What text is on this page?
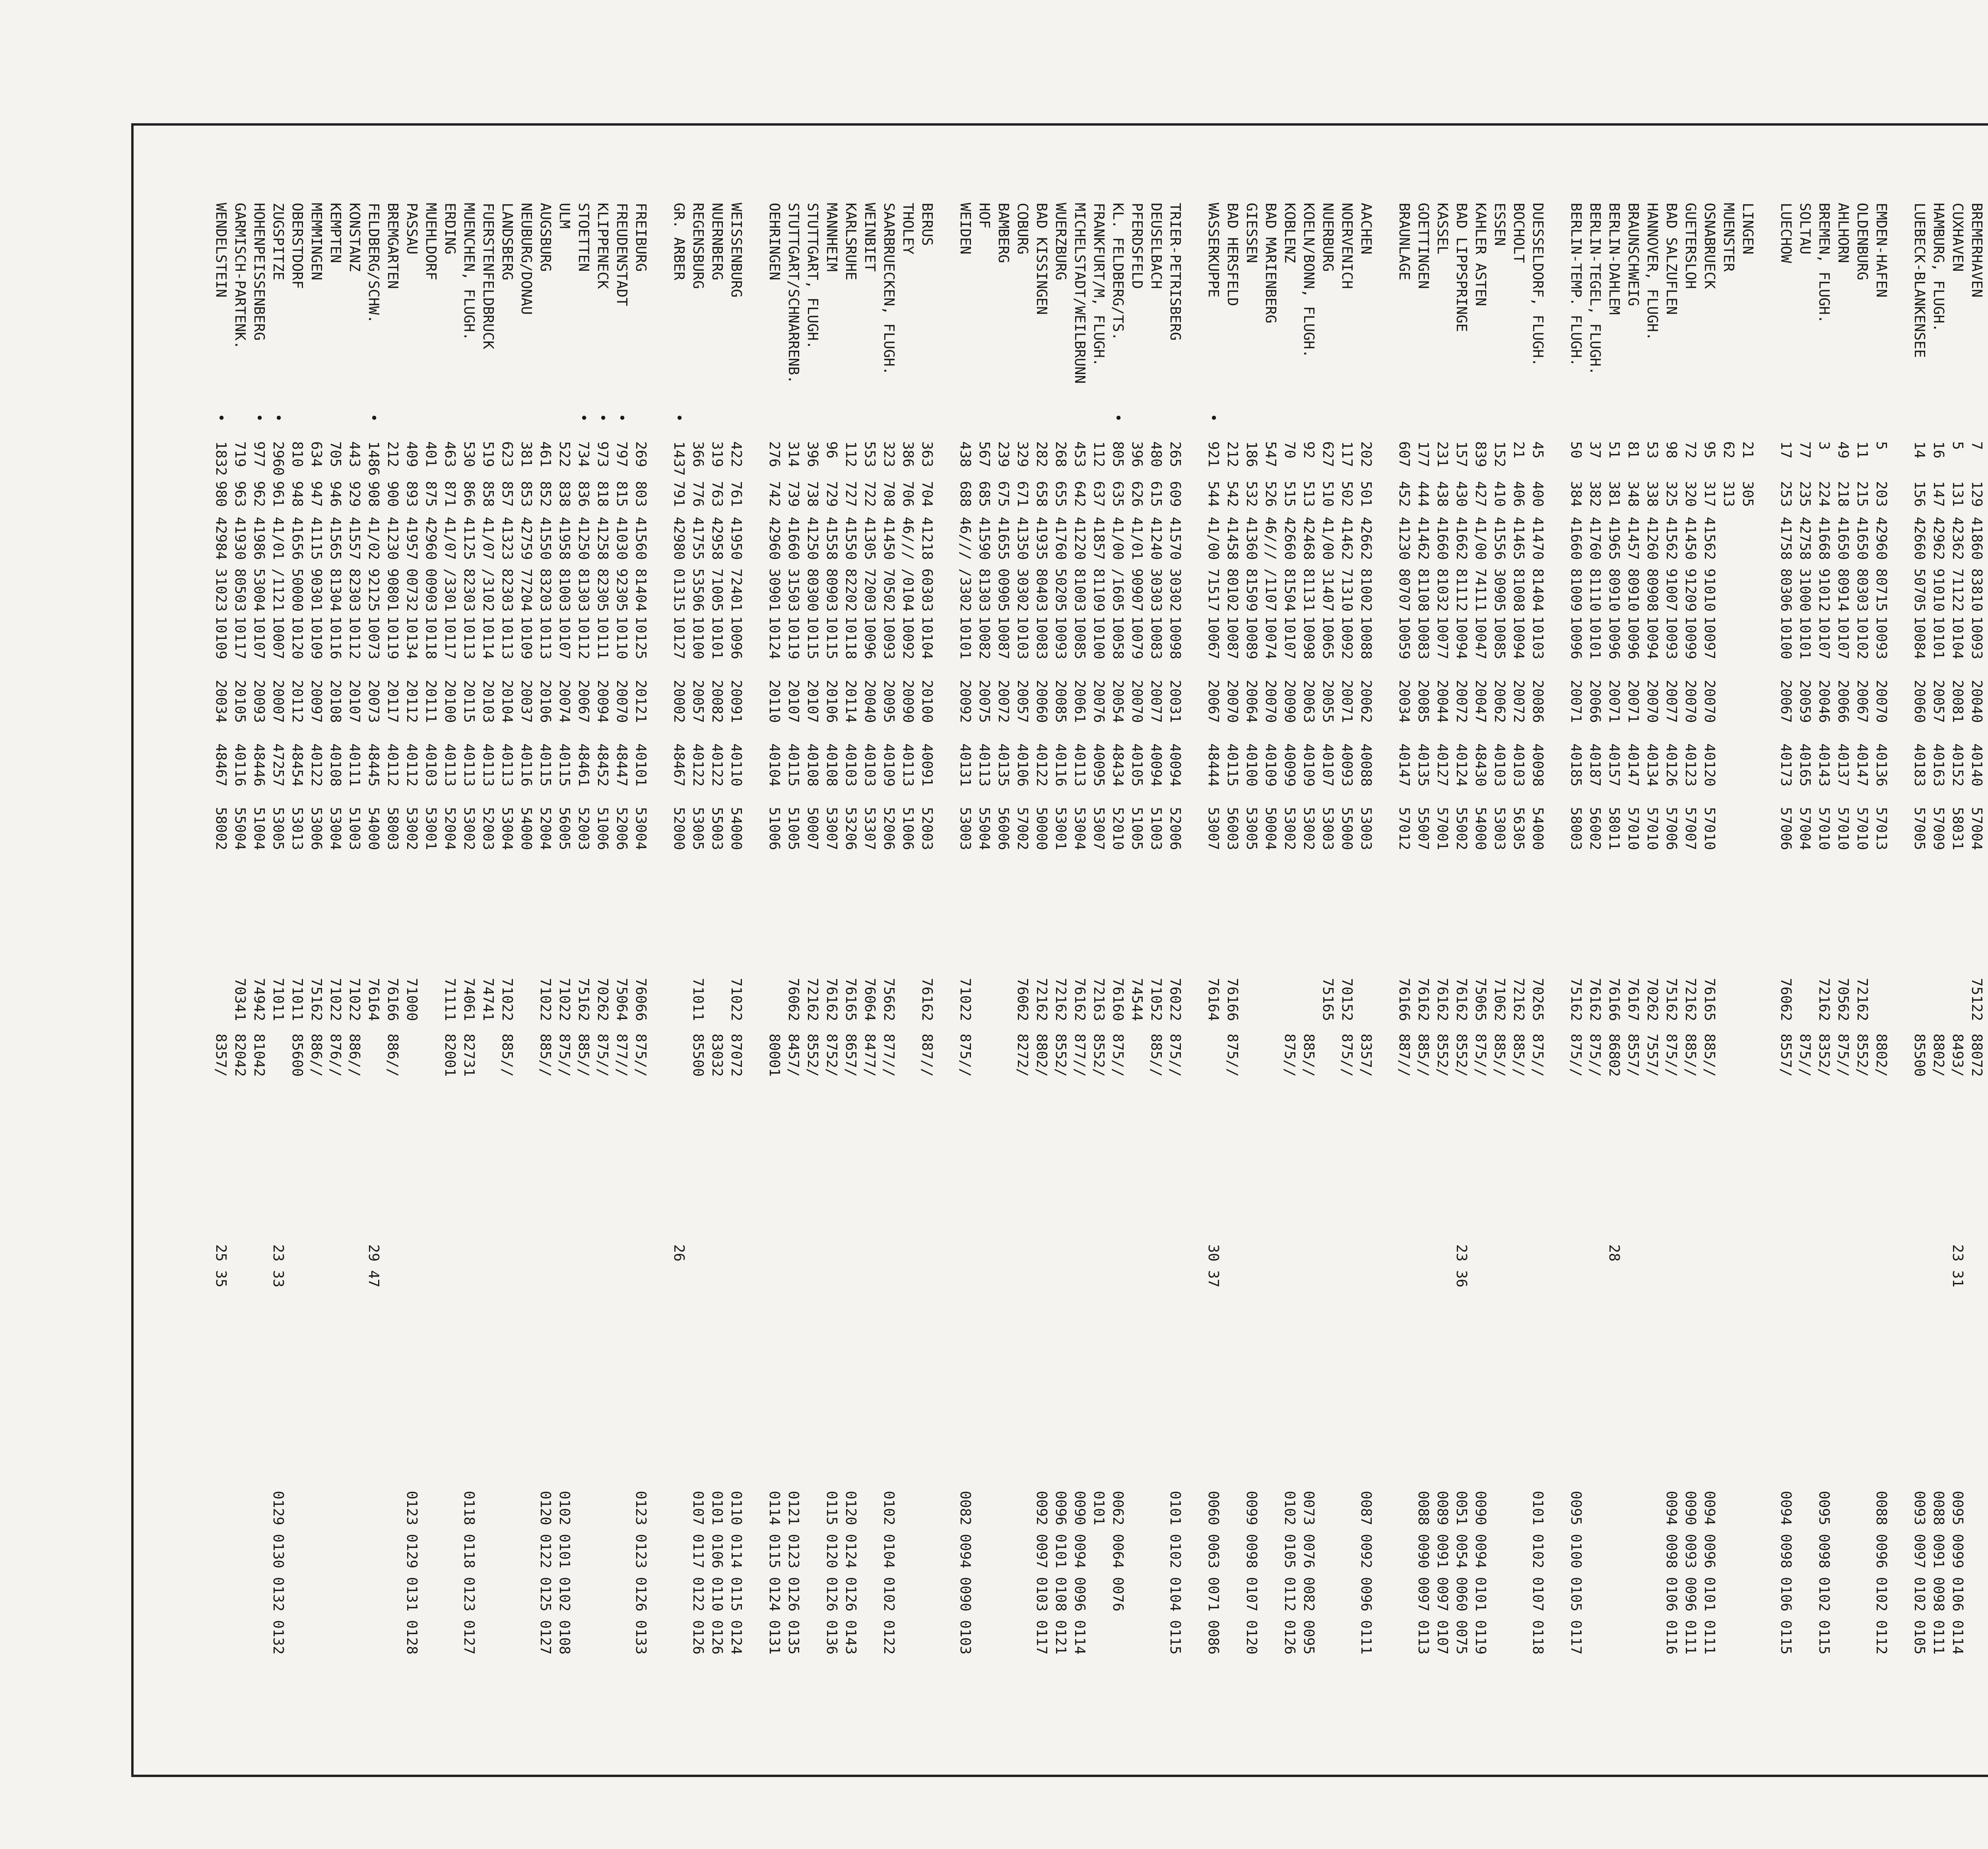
BREMERHAVEN
7
129
41860 83810
10093
20040
40140
57004
75122
88072
CUXHAVEN
5
131
42362 71122
10104
20081
40152
58031
8493/
23 31
0095 0099 0106 0114
HAMBURG, FLUGH.
16
147
42962 91010
10101
20057
40163
57009
8802/
0088 0091 0098 0111
LUEBECK-BLANKENSEE
14
156
42660 50705
10084
20060
40183
57005
85500
0093 0097 0102 0105
EMDEN-HAFEN
5
203
42960 80715
10093
20070
40136
57013
8802/
0088 0096 0102 0112
OLDENBURG
11
215
41650 80303
10102
20067
40147
57010
72162
8552/
AHLHORN
49
218
41650 80914
10107
20066
40137
57010
70562
875//
BREMEN, FLUGH.
3
224
41668 91012
10107
20046
40143
57010
72162
8352/
0095 0098 0102 0115
SOLTAU
77
235
42758 31000
10101
20059
40165
57004
875//
LUECHOW
17
253
41758 80306
10100
20067
40173
57006
76062
8557/
0094 0098 0106 0115
LINGEN
21
305
MUENSTER
62
313
OSNABRUECK
95
317
41562 91010
10097
20070
40120
57010
76165
885//
0094 0096 0101 0111
GUETERSLOH
72
320
41450 91209
10099
20070
40123
57007
72162
885//
0090 0093 0096 0111
BAD SALZUFLEN
98
325
41562 91007
10093
20077
40126
57006
75162
875//
0094 0098 0106 0116
HANNOVER, FLUGH.
53
338
41260 80908
10094
20070
40134
57010
70262
7557/
BRAUNSCHWEIG
81
348
41457 80910
10096
20071
40147
57010
76167
8557/
BERLIN-DAHLEM
51
381
41965 80910
10096
20071
40157
58011
76166
86802
28
BERLIN-TEGEL, FLUGH.
37
382
41760 81110
10101
20066
40187
56002
76162
875//
BERLIN-TEMP. FLUGH.
50
384
41660 81009
10096
20071
40185
58003
75162
875//
0095 0100 0105 0117
DUESSELDORF, FLUGH.
45
400
41470 81404
10103
20086
40098
54000
70265
875//
0101 0102 0107 0118
BOCHOLT
21
406
41465 81008
10094
20072
40103
56305
72162
885//
ESSEN
152
410
41556 30905
10085
20062
40103
53003
71062
885//
KAHLER ASTEN
839
427
41/00 74111
10047
20047
48430
54000
75065
875//
0090 0094 0101 0119
BAD LIPPSPRINGE
157
430
41662 81112
10094
20072
40124
55002
76162
8552/
23 36
0051 0054 0060 0075
KASSEL
231
438
41660 81032
10077
20044
40127
57001
76162
8552/
0089 0091 0097 0107
GOETTINGEN
177
444
41462 81108
10083
20085
40135
55007
76162
885//
0088 0090 0097 0113
BRAUNLAGE
607
452
41230 80707
10059
20034
40147
57012
76166
887//
AACHEN
202
501
42662 81002
10088
20062
40088
53003
8357/
0087 0092 0096 0111
NOERVENICH
117
502
41462 71310
10092
20071
40093
55000
70152
875//
NUERBURG
627
510
41/00 31407
10065
20055
40107
53003
75165
KOELN/BONN, FLUGH.
92
513
42468 81131
10098
20063
40109
53002
885//
0073 0076 0082 0095
KOBLENZ
70
515
42660 81504
10107
20090
40099
53002
875//
0102 0105 0112 0126
BAD MARIENBERG
547
526
46/// /1107
10074
20070
40109
50004
GIESSEN
186
532
41360 81509
10089
20064
40100
53005
0099 0098 0107 0120
BAD HERSFELD
212
542
41458 80102
10087
20070
40115
56003
76166
875//
WASSERKUPPE
•
921
544
41/00 71517
10067
20067
48444
53007
76164
30 37
0060 0063 0071 0086
TRIER-PETRISBERG
265
609
41570 30302
10098
20031
40094
52006
76022
875//
0101 0102 0104 0115
DEUSELBACH
480
615
41240 30303
10083
20077
40094
51003
71052
885//
PFERDSFELD
396
626
41/01 90907
10079
20070
40105
51005
74544
KL. FELDBERG/TS.
•
805
635
41/00 /1605
10058
20054
48434
52010
76160
875//
0062 0064 0076
FRANKFURT/M, FLUGH.
112
637
41857 81109
10100
20076
40095
53007
72163
8552/
0101
MICHELSTADT/WEILBRUNN
453
642
41220 81003
10085
20061
40113
53004
76162
877//
0090 0094 0096 0114
WUERZBURG
268
655
41760 50205
10093
20085
40116
53001
72162
8552/
0096 0101 0108 0121
BAD KISSINGEN
282
658
41935 80403
10083
20060
40122
50000
72162
8802/
0092 0097 0103 0117
COBURG
329
671
41350 30302
10103
20057
40106
57002
76062
8272/
BAMBERG
239
675
41655 00905
10087
20072
40135
56006
HOF
567
685
41590 81303
10082
20075
40113
55004
WEIDEN
438
688
46/// /3302
10101
20092
40131
53003
71022
875//
0082 0094 0090 0103
BERUS
363
704
41218 60303
10104
20100
40091
52003
76162
887//
THOLEY
386
706
46/// /0104
10092
20090
40113
51006
SAARBRUECKEN, FLUGH.
323
708
41450 70502
10093
20095
40109
52006
75662
877//
0102 0104 0102 0122
WEINBIET
553
722
41305 72003
10096
20040
40103
53307
76064
8477/
KARLSRUHE
112
727
41550 82202
10118
20114
40103
53206
76165
8657/
0120 0124 0126 0143
MANNHEIM
96
729
41558 80903
10115
20106
40108
53007
76162
8752/
0115 0120 0126 0136
STUTTGART, FLUGH.
396
738
41250 80300
10115
20107
40108
50007
72162
8552/
STUTTGART/SCHNARRENB.
314
739
41660 31503
10119
20107
40115
51005
76062
8457/
0121 0123 0126 0135
OEHRINGEN
276
742
42960 30901
10124
20110
40104
51006
80001
0114 0115 0124 0131
WEISSENBURG
422
761
41950 72401
10096
20091
40110
54000
71022
87072
0110 0114 0115 0124
NUERNBERG
319
763
42958 71005
10101
20082
40122
55003
83032
0101 0106 0110 0126
REGENSBURG
366
776
41755 53506
10100
20057
40122
53005
71011
85500
0107 0117 0122 0126
GR. ARBER
•
1437
791
42980 01315
10127
20002
48467
52000
26
FREIBURG
269
803
41560 81404
10125
20121
40101
53004
76066
875//
0123 0123 0126 0133
FREUDENSTADT
•
797
815
41030 92305
10110
20070
48447
52006
75064
877//
KLIPPENECK
•
973
818
41258 82305
10111
20094
48452
51006
70262
875//
STOETTEN
•
734
836
41250 81303
10112
20067
48461
52003
75162
885//
ULM
522
838
41958 81003
10107
20074
40115
56005
71022
875//
0102 0101 0102 0108
AUGSBURG
461
852
41550 83203
10113
20106
40115
52004
71022
885//
0120 0122 0125 0127
NEUBURG/DONAU
381
853
42759 77204
10109
20037
40116
54000
LANDSBERG
623
857
41323 82303
10113
20104
40113
53004
71022
885//
FUERSTENFELDBRUCK
519
858
41/07 /3102
10114
20103
40113
52003
74741
MUENCHEN, FLUGH.
530
866
41125 82303
10113
20115
40113
53002
74061
82731
0118 0118 0123 0127
ERDING
463
871
41/07 /3301
10117
20100
40113
52004
71111
82001
MUEHLDORF
401
875
42960 00903
10118
20111
40103
53001
PASSAU
409
893
41957 00732
10134
20112
40112
53002
71000
0123 0129 0131 0128
BREMGARTEN
212
900
41230 90801
10119
20117
40112
58003
76166
886//
FELDBERG/SCHW.
•
1486
908
41/02 92125
10073
20073
48445
54000
76164
29 47
KONSTANZ
443
929
41557 82303
10112
20107
40111
51003
71022
886//
KEMPTEN
705
946
41565 81304
10116
20108
40108
53004
71022
876//
MEMMINGEN
634
947
41115 90301
10109
20097
40122
53006
75162
886//
OBERSTDORF
810
948
41656 50000
10120
20112
48454
53013
71011
85600
ZUGSPITZE
•
2960
961
41/01 /1121
10007
20007
47257
53005
71011
23 33
0129 0130 0132 0132
HOHENPEISSENBERG
•
977
962
41986 53004
10107
20093
48446
51004
74942
81042
GARMISCH-PARTENK.
719
963
41930 80503
10117
20105
40116
55004
70341
82042
WENDELSTEIN
•
1832
980
42984 31023
10109
20034
48467
58002
8357/
25 35
